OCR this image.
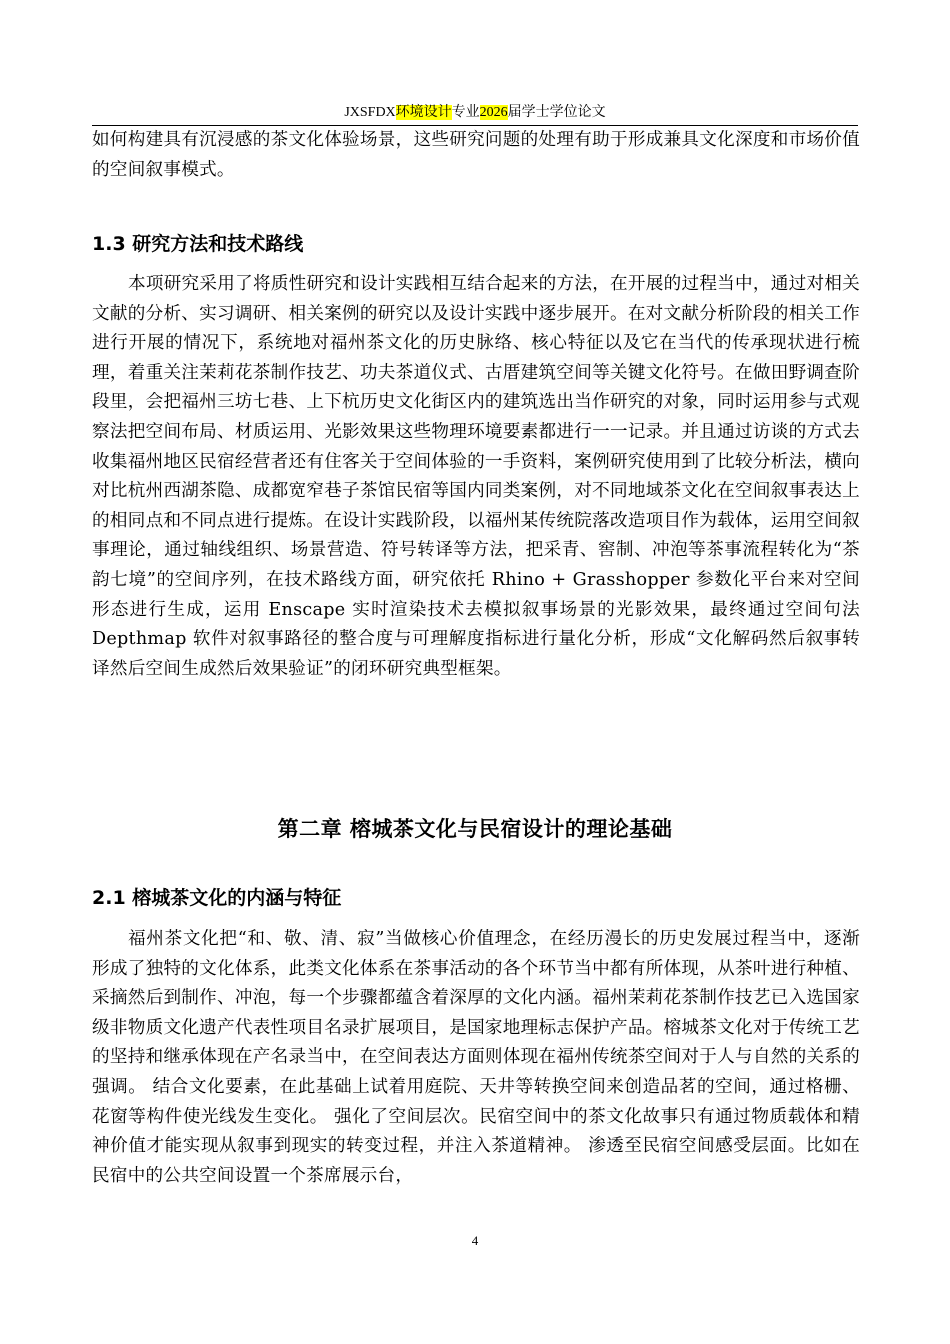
JXSFDX环境设计专业2026届学士学位论文

如何构建具有沉浸感的茶文化体验场景，这些研究问题的处理有助于形成兼具文化深度和市场价值的空间叙事模式。

1.3 研究方法和技术路线

本项研究采用了将质性研究和设计实践相互结合起来的方法，在开展的过程当中，通过对相关文献的分析、实习调研、相关案例的研究以及设计实践中逐步展开。在对文献分析阶段的相关工作进行开展的情况下，系统地对福州茶文化的历史脉络、核心特征以及它在当代的传承现状进行梳理，着重关注茉莉花茶制作技艺、功夫茶道仪式、古厝建筑空间等关键文化符号。在做田野调查阶段里，会把福州三坊七巷、上下杭历史文化街区内的建筑选出当作研究的对象，同时运用参与式观察法把空间布局、材质运用、光影效果这些物理环境要素都进行一一记录。并且通过访谈的方式去收集福州地区民宿经营者还有住客关于空间体验的一手资料，案例研究使用到了比较分析法，横向对比杭州西湖茶隐、成都宽窄巷子茶馆民宿等国内同类案例，对不同地域茶文化在空间叙事表达上的相同点和不同点进行提炼。在设计实践阶段，以福州某传统院落改造项目作为载体，运用空间叙事理论，通过轴线组织、场景营造、符号转译等方法，把采青、窖制、冲泡等茶事流程转化为“茶韵七境”的空间序列，在技术路线方面，研究依托 Rhino + Grasshopper 参数化平台来对空间形态进行生成，运用 Enscape 实时渲染技术去模拟叙事场景的光影效果，最终通过空间句法 Depthmap 软件对叙事路径的整合度与可理解度指标进行量化分析，形成“文化解码然后叙事转译然后空间生成然后效果验证”的闭环研究典型框架。

第二章 榕城茶文化与民宿设计的理论基础
2.1 榕城茶文化的内涵与特征

福州茶文化把“和、敬、清、寂”当做核心价值理念，在经历漫长的历史发展过程当中，逐渐形成了独特的文化体系，此类文化体系在茶事活动的各个环节当中都有所体现，从茶叶进行种植、采摘然后到制作、冲泡，每一个步骤都蕴含着深厚的文化内涵。福州茉莉花茶制作技艺已入选国家级非物质文化遗产代表性项目名录扩展项目，是国家地理标志保护产品。榕城茶文化对于传统工艺的坚持和继承体现在产名录当中，在空间表达方面则体现在福州传统茶空间对于人与自然的关系的强调。 结合文化要素，在此基础上试着用庭院、天井等转换空间来创造品茗的空间，通过格栅、花窗等构件使光线发生变化。 强化了空间层次。民宿空间中的茶文化故事只有通过物质载体和精神价值才能实现从叙事到现实的转变过程，并注入茶道精神。 渗透至民宿空间感受层面。比如在民宿中的公共空间设置一个茶席展示台，

4
